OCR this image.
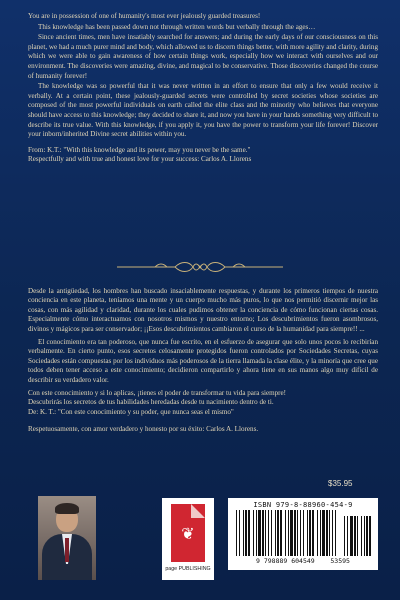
You are in possession of one of humanity's most ever jealously guarded treasures!

This knowledge has been passed down not through written words but verbally through the ages…

Since ancient times, men have insatiably searched for answers; and during the early days of our consciousness on this planet, we had a much purer mind and body, which allowed us to discern things better, with more agility and clarity, during which we were able to gain awareness of how certain things work, especially how we interact with ourselves and our environment. The discoveries were amazing, divine, and magical to be conservative. Those discoveries changed the course of humanity forever!

The knowledge was so powerful that it was never written in an effort to ensure that only a few would receive it verbally. At a certain point, these jealously-guarded secrets were controlled by secret societies whose societies are composed of the most powerful individuals on earth called the elite class and the minority who believes that everyone should have access to this knowledge; they decided to share it, and now you have in your hands something very difficult to describe its true value. With this knowledge, if you apply it, you have the power to transform your life forever! Discover your inborn/inherited Divine secret abilities within you.

From: K.T.: "With this knowledge and its power, may you never be the same."
Respectfully and with true and honest love for your success: Carlos A. Llorens

Desde la antigüedad, los hombres han buscado insaciablemente respuestas, y durante los primeros tiempos de nuestra conciencia en este planeta, teníamos una mente y un cuerpo mucho más puros, lo que nos permitió discernir mejor las cosas, con más agilidad y claridad, durante los cuales pudimos obtener la conciencia de cómo funcionan ciertas cosas. Especialmente cómo interactuamos con nosotros mismos y nuestro entorno; Los descubrimientos fueron asombrosos, divinos y mágicos para ser conservador; ¡¡Esos descubrimientos cambiaron el curso de la humanidad para siempre!! ...

El conocimiento era tan poderoso, que nunca fue escrito, en el esfuerzo de asegurar que solo unos pocos lo recibirían verbalmente. En cierto punto, esos secretos celosamente protegidos fueron controlados por Sociedades Secretas, cuyas Sociedades están compuestas por los individuos más poderosos de la tierra llamada la clase élite, y la minoría que cree que todos deben tener acceso a este conocimiento; decidieron compartirlo y ahora tiene en sus manos algo muy difícil de describir su verdadero valor.

Con este conocimiento y si lo aplicas, ¡tienes el poder de transformar tu vida para siempre!
Descubrirás los secretos de tus habilidades heredadas desde tu nacimiento dentro de ti.
De: K. T.: "Con este conocimiento y su poder, que nunca seas el mismo"
Respetuosamente, con amor verdadero y honesto por su éxito: Carlos A. Llorens.
❦
page PUBLISHING
$35.95
ISBN 979-8-88960-454-9
9 798889 604549 53595
